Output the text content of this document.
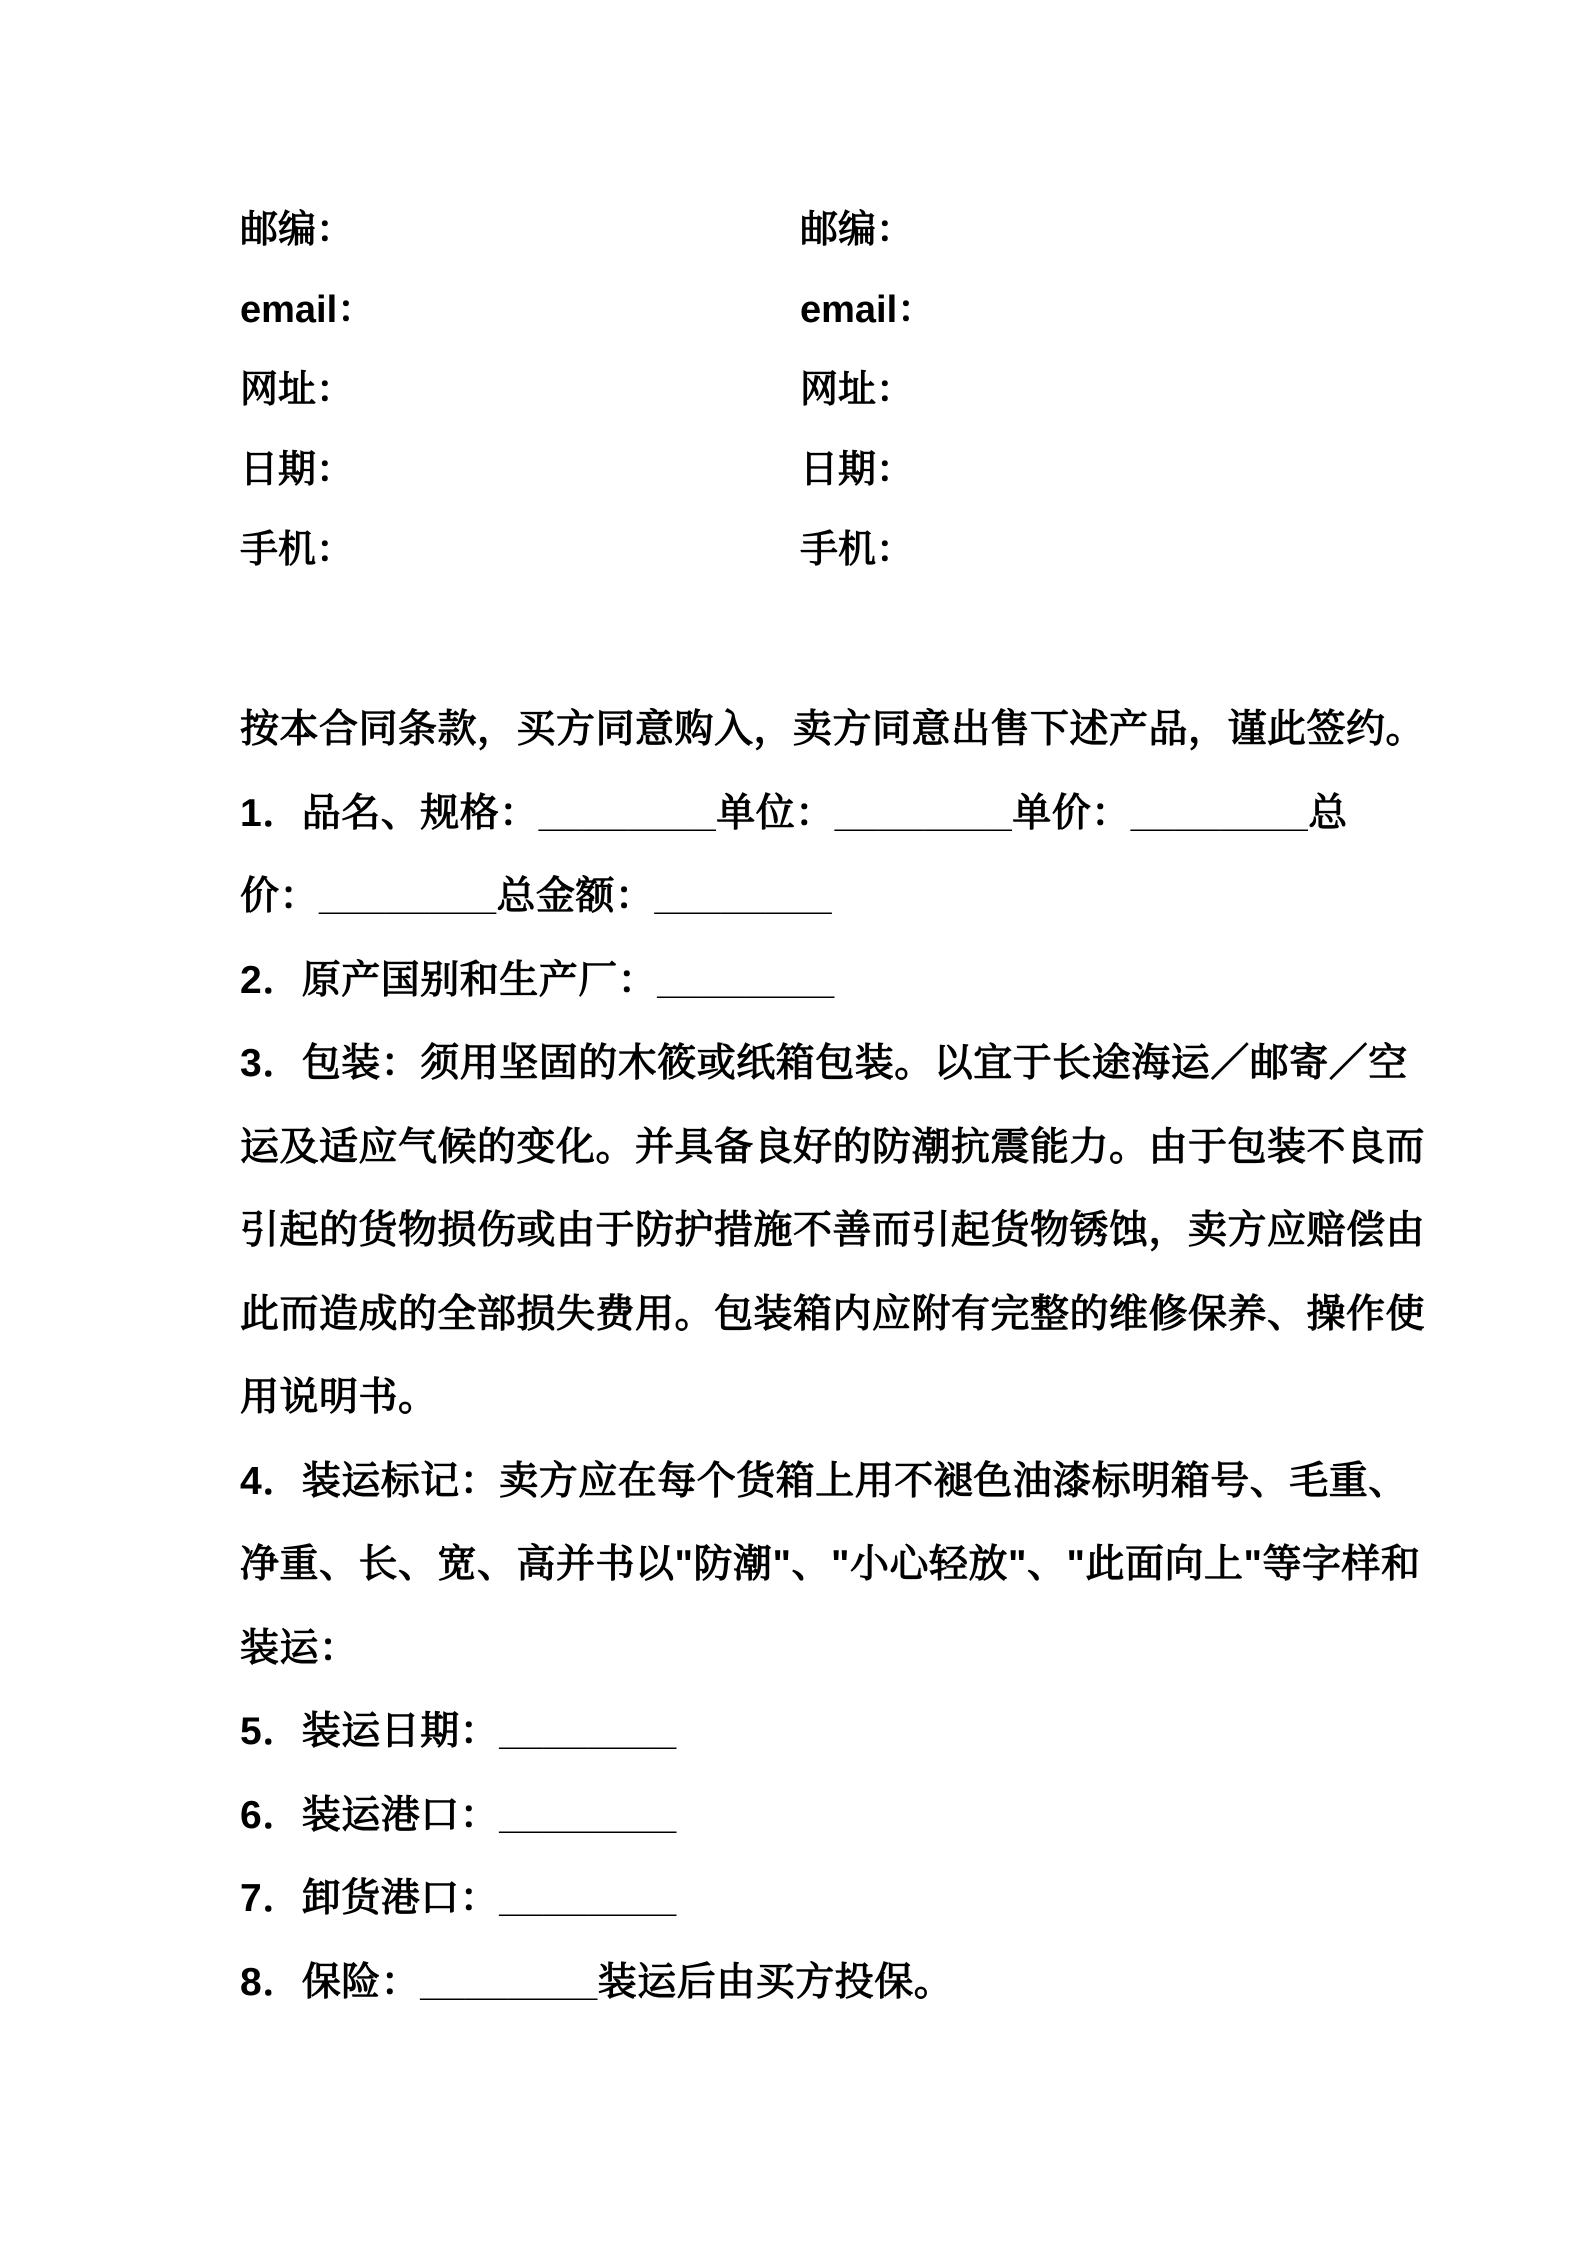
邮编：	邮编：
email：	email：
网址：	网址：
日期：	日期：
手机：	手机：
按本合同条款，买方同意购入，卖方同意出售下述产品，谨此签约。
1．品名、规格：________单位：________单价：________总
价：________总金额：________
2．原产国别和生产厂：________
3．包装：须用坚固的木筱或纸箱包装。以宜于长途海运／邮寄／空
运及适应气候的变化。并具备良好的防潮抗震能力。由于包装不良而
引起的货物损伤或由于防护措施不善而引起货物锈蚀，卖方应赔偿由
此而造成的全部损失费用。包装箱内应附有完整的维修保养、操作使
用说明书。
4．装运标记：卖方应在每个货箱上用不褪色油漆标明箱号、毛重、
净重、长、宽、高并书以"防潮"、"小心轻放"、"此面向上"等字样和
装运：
5．装运日期：________
6．装运港口：________
7．卸货港口：________
8．保险：________装运后由买方投保。
